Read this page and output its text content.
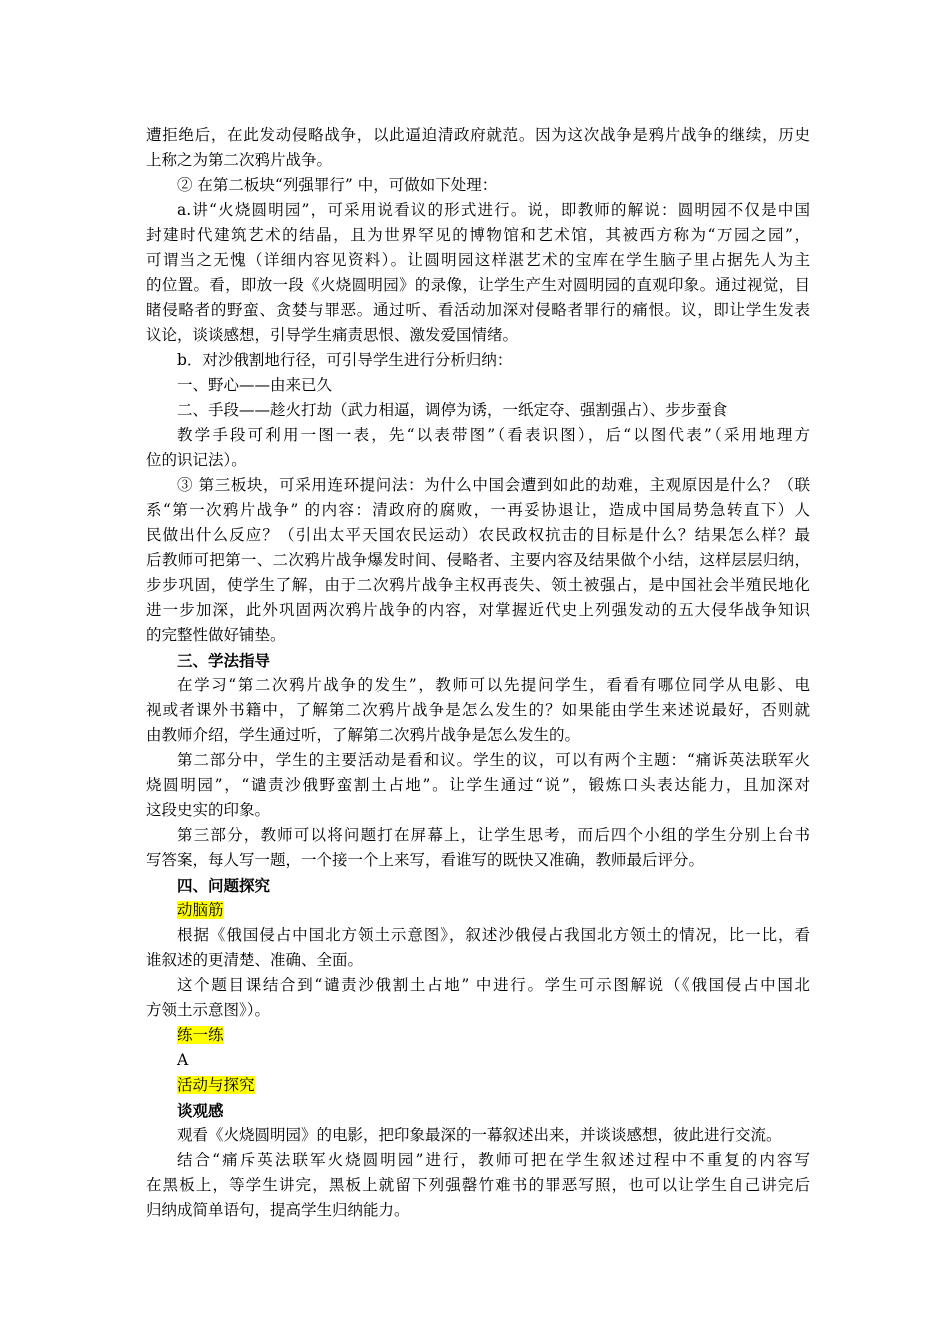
遭拒绝后，在此发动侵略战争，以此逼迫清政府就范。因为这次战争是鸦片战争的继续，历史
上称之为第二次鸦片战争。
② 在第二板块“列强罪行” 中，可做如下处理：
a.讲“火烧圆明园”，可采用说看议的形式进行。说，即教师的解说：圆明园不仅是中国
封建时代建筑艺术的结晶，且为世界罕见的博物馆和艺术馆，其被西方称为“万园之园”，
可谓当之无愧（详细内容见资料）。让圆明园这样湛艺术的宝库在学生脑子里占据先人为主
的位置。看，即放一段《火烧圆明园》的录像，让学生产生对圆明园的直观印象。通过视觉，目
睹侵略者的野蛮、贪婪与罪恶。通过听、看活动加深对侵略者罪行的痛恨。议，即让学生发表
议论，谈谈感想，引导学生痛责思恨、激发爱国情绪。
b．对沙俄割地行径，可引导学生进行分析归纳：
一、野心——由来已久
二、手段——趁火打劫（武力相逼，调停为诱，一纸定夺、强割强占）、步步蚕食
教学手段可利用一图一表，先“以表带图”（看表识图），后“以图代表”（采用地理方
位的识记法）。
③ 第三板块，可采用连环提问法：为什么中国会遭到如此的劫难，主观原因是什么？（联
系“第一次鸦片战争” 的内容：清政府的腐败，一再妥协退让，造成中国局势急转直下）人
民做出什么反应？（引出太平天国农民运动）农民政权抗击的目标是什么？结果怎么样？最
后教师可把第一、二次鸦片战争爆发时间、侵略者、主要内容及结果做个小结，这样层层归纳，
步步巩固，使学生了解，由于二次鸦片战争主权再丧失、领土被强占，是中国社会半殖民地化
进一步加深，此外巩固两次鸦片战争的内容，对掌握近代史上列强发动的五大侵华战争知识
的完整性做好铺垫。
三、学法指导
在学习“第二次鸦片战争的发生”，教师可以先提问学生，看看有哪位同学从电影、电
视或者课外书籍中，了解第二次鸦片战争是怎么发生的？如果能由学生来述说最好，否则就
由教师介绍，学生通过听，了解第二次鸦片战争是怎么发生的。
第二部分中，学生的主要活动是看和议。学生的议，可以有两个主题：“痛诉英法联军火
烧圆明园”，“谴责沙俄野蛮割土占地”。让学生通过“说”，锻炼口头表达能力，且加深对
这段史实的印象。
第三部分，教师可以将问题打在屏幕上，让学生思考，而后四个小组的学生分别上台书
写答案，每人写一题，一个接一个上来写，看谁写的既快又准确，教师最后评分。
四、问题探究
动脑筋
根据《俄国侵占中国北方领土示意图》，叙述沙俄侵占我国北方领土的情况，比一比，看
谁叙述的更清楚、准确、全面。
这个题目课结合到“谴责沙俄割土占地” 中进行。学生可示图解说（《俄国侵占中国北
方领土示意图》）。
练一练
A
活动与探究
谈观感
观看《火烧圆明园》的电影，把印象最深的一幕叙述出来，并谈谈感想，彼此进行交流。
结合“痛斥英法联军火烧圆明园”进行，教师可把在学生叙述过程中不重复的内容写
在黑板上，等学生讲完，黑板上就留下列强罄竹难书的罪恶写照，也可以让学生自己讲完后
归纳成简单语句，提高学生归纳能力。
